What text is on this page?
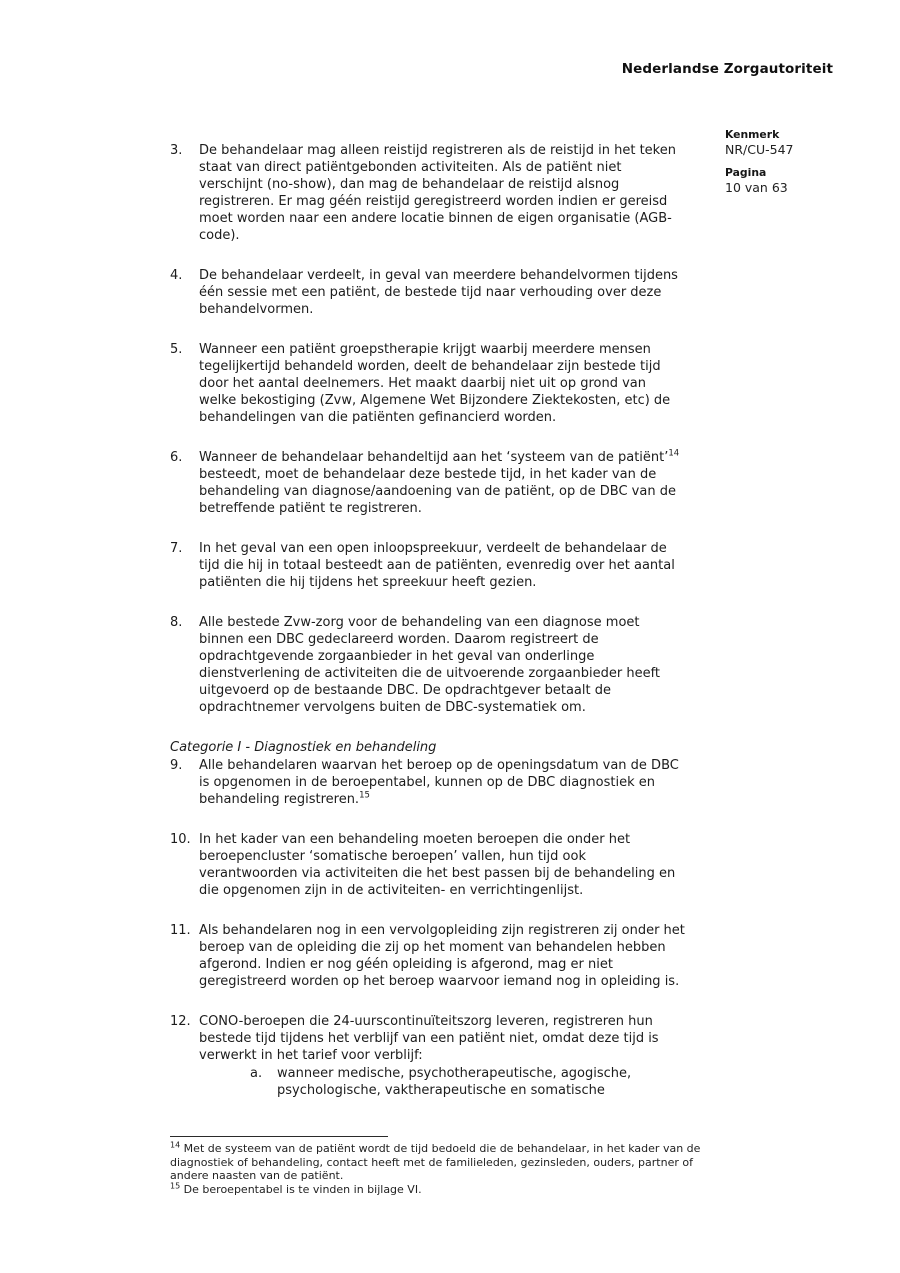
Nederlandse Zorgautoriteit
Kenmerk
NR/CU-547
Pagina
10 van 63
3.	De behandelaar mag alleen reistijd registreren als de reistijd in het teken staat van direct patiëntgebonden activiteiten. Als de patiënt niet verschijnt (no-show), dan mag de behandelaar de reistijd alsnog registreren. Er mag géén reistijd geregistreerd worden indien er gereisd moet worden naar een andere locatie binnen de eigen organisatie (AGB-code).
4.	De behandelaar verdeelt, in geval van meerdere behandelvormen tijdens één sessie met een patiënt, de bestede tijd naar verhouding over deze behandelvormen.
5.	Wanneer een patiënt groepstherapie krijgt waarbij meerdere mensen tegelijkertijd behandeld worden, deelt de behandelaar zijn bestede tijd door het aantal deelnemers. Het maakt daarbij niet uit op grond van welke bekostiging (Zvw, Algemene Wet Bijzondere Ziektekosten, etc) de behandelingen van die patiënten gefinancierd worden.
6.	Wanneer de behandelaar behandeltijd aan het ‘systeem van de patiënt’$^{14}$ besteedt, moet de behandelaar deze bestede tijd, in het kader van de behandeling van diagnose/aandoening van de patiënt, op de DBC van de betreffende patiënt te registreren.
7.	In het geval van een open inloopspreekuur, verdeelt de behandelaar de tijd die hij in totaal besteedt aan de patiënten, evenredig over het aantal patiënten die hij tijdens het spreekuur heeft gezien.
8.	Alle bestede Zvw-zorg voor de behandeling van een diagnose moet binnen een DBC gedeclareerd worden. Daarom registreert de opdrachtgevende zorgaanbieder in het geval van onderlinge dienstverlening de activiteiten die de uitvoerende zorgaanbieder heeft uitgevoerd op de bestaande DBC. De opdrachtgever betaalt de opdrachtnemer vervolgens buiten de DBC-systematiek om.
Categorie I - Diagnostiek en behandeling
9.	Alle behandelaren waarvan het beroep op de openingsdatum van de DBC is opgenomen in de beroepentabel, kunnen op de DBC diagnostiek en behandeling registreren.$^{15}$
10. In het kader van een behandeling moeten beroepen die onder het beroepencluster ‘somatische beroepen’ vallen, hun tijd ook verantwoorden via activiteiten die het best passen bij de behandeling en die opgenomen zijn in de activiteiten- en verrichtingenlijst.
11. Als behandelaren nog in een vervolgopleiding zijn registreren zij onder het beroep van de opleiding die zij op het moment van behandelen hebben afgerond. Indien er nog géén opleiding is afgerond, mag er niet geregistreerd worden op het beroep waarvoor iemand nog in opleiding is.
12. CONO-beroepen die 24-uurscontinuïteitszorg leveren, registreren hun bestede tijd tijdens het verblijf van een patiënt niet, omdat deze tijd is verwerkt in het tarief voor verblijf:
a.	wanneer medische, psychotherapeutische, agogische, psychologische, vaktherapeutische en somatische
$^{14}$ Met de systeem van de patiënt wordt de tijd bedoeld die de behandelaar, in het kader van de diagnostiek of behandeling, contact heeft met de familieleden, gezinsleden, ouders, partner of andere naasten van de patiënt.
$^{15}$ De beroepentabel is te vinden in bijlage VI.
